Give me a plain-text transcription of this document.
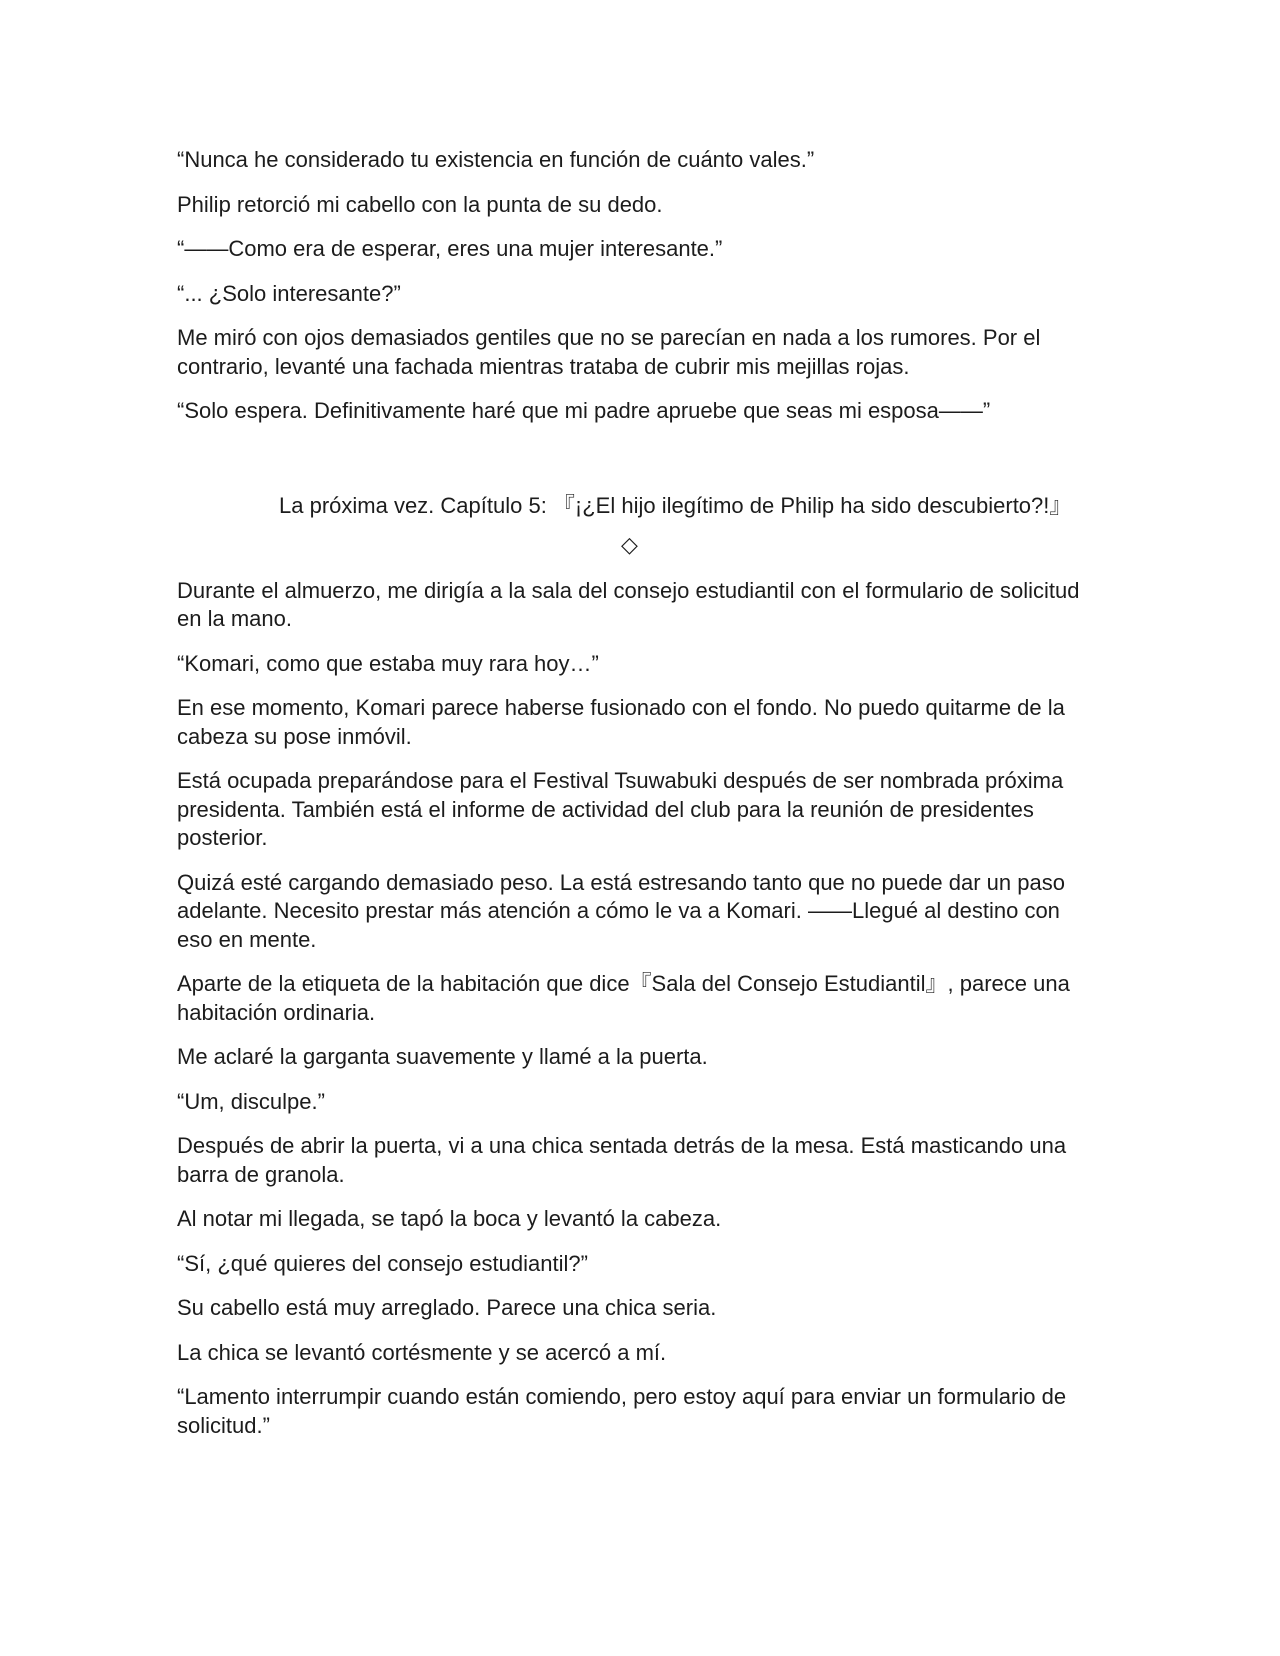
“Nunca he considerado tu existencia en función de cuánto vales.”

Philip retorció mi cabello con la punta de su dedo.

“——Como era de esperar, eres una mujer interesante.”

“... ¿Solo interesante?”

Me miró con ojos demasiados gentiles que no se parecían en nada a los rumores. Por el contrario, levanté una fachada mientras trataba de cubrir mis mejillas rojas.

“Solo espera. Definitivamente haré que mi padre apruebe que seas mi esposa——”

La próxima vez. Capítulo 5: 『¡¿El hijo ilegítimo de Philip ha sido descubierto?!』

◇

Durante el almuerzo, me dirigía a la sala del consejo estudiantil con el formulario de solicitud en la mano.

“Komari, como que estaba muy rara hoy…”

En ese momento, Komari parece haberse fusionado con el fondo. No puedo quitarme de la cabeza su pose inmóvil.

Está ocupada preparándose para el Festival Tsuwabuki después de ser nombrada próxima presidenta. También está el informe de actividad del club para la reunión de presidentes posterior.

Quizá esté cargando demasiado peso. La está estresando tanto que no puede dar un paso adelante. Necesito prestar más atención a cómo le va a Komari. ——Llegué al destino con eso en mente.

Aparte de la etiqueta de la habitación que dice『Sala del Consejo Estudiantil』, parece una habitación ordinaria.

Me aclaré la garganta suavemente y llamé a la puerta.

“Um, disculpe.”

Después de abrir la puerta, vi a una chica sentada detrás de la mesa. Está masticando una barra de granola.

Al notar mi llegada, se tapó la boca y levantó la cabeza.

“Sí, ¿qué quieres del consejo estudiantil?”

Su cabello está muy arreglado. Parece una chica seria.

La chica se levantó cortésmente y se acercó a mí.

“Lamento interrumpir cuando están comiendo, pero estoy aquí para enviar un formulario de solicitud.”
